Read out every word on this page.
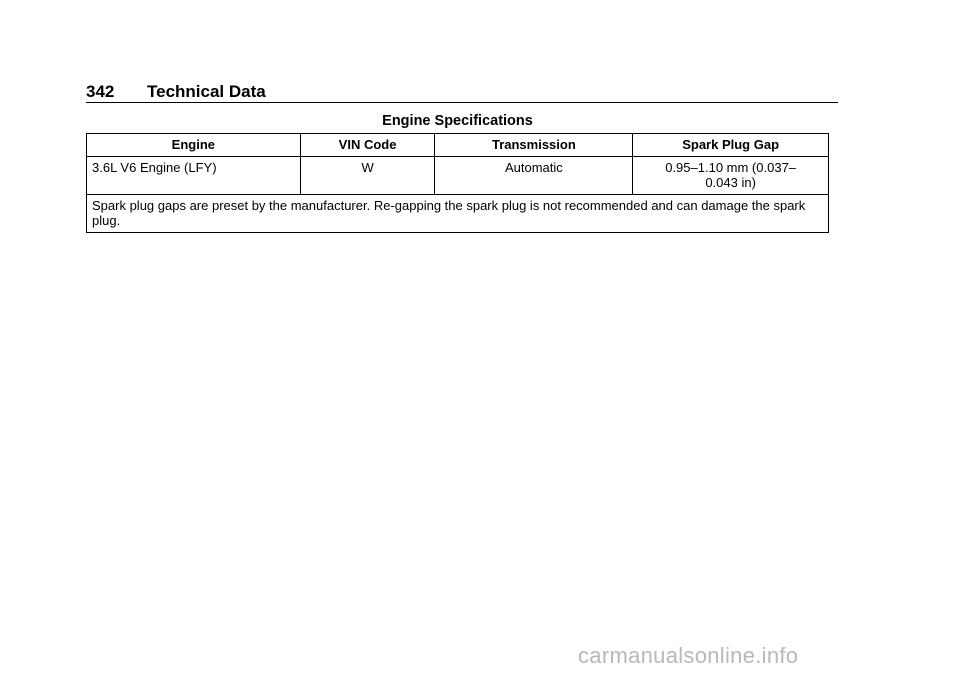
342 Technical Data
Engine Specifications
Engine	VIN Code	Transmission	Spark Plug Gap
3.6L V6 Engine (LFY)	W	Automatic	0.95–1.10 mm (0.037–
0.043 in)

Spark plug gaps are preset by the manufacturer. Re-gapping the spark plug is not recommended and can damage the spark plug.			
carmanualsonline.info
